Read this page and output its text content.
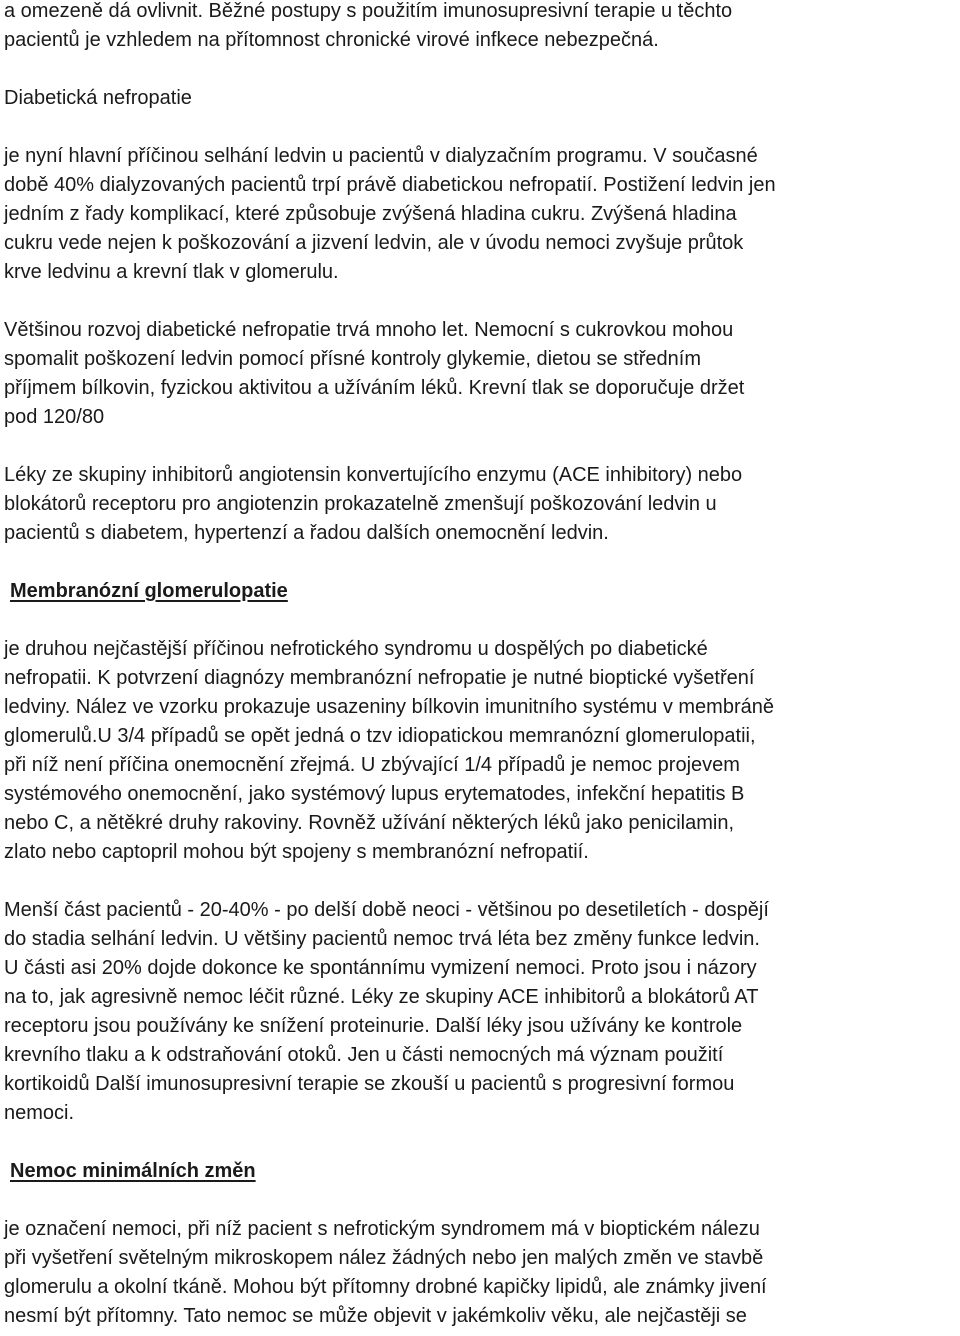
a omezeně dá ovlivnit. Běžné postupy s použitím imunosupresivní terapie u těchto
pacientů je vzhledem na přítomnost chronické virové infkece nebezpečná.

Diabetická nefropatie

je nyní hlavní příčinou selhání ledvin u pacientů v dialyzačním programu. V současné
době 40% dialyzovaných pacientů trpí právě diabetickou nefropatií. Postižení ledvin jen
jedním z řady komplikací, které způsobuje zvýšená hladina cukru. Zvýšená hladina
cukru vede nejen k poškozování a jizvení ledvin, ale v úvodu nemoci zvyšuje průtok
krve ledvinu a krevní tlak v glomerulu.

Většinou rozvoj diabetické nefropatie trvá mnoho let. Nemocní s cukrovkou mohou
spomalit poškození ledvin pomocí přísné kontroly glykemie, dietou se středním
příjmem bílkovin, fyzickou aktivitou a užíváním léků. Krevní tlak se doporučuje držet
pod 120/80

Léky ze skupiny inhibitorů angiotensin konvertujícího enzymu (ACE inhibitory) nebo
blokátorů receptoru pro angiotenzin prokazatelně zmenšují poškozování ledvin u
pacientů s diabetem, hypertenzí a řadou dalších onemocnění ledvin.

Membranózní glomerulopatie

je druhou nejčastější příčinou nefrotického syndromu u dospělých po diabetické
nefropatii. K potvrzení diagnózy membranózní nefropatie je nutné bioptické vyšetření
ledviny. Nález ve vzorku prokazuje usazeniny bílkovin imunitního systému v membráně
glomerulů.U 3/4 případů se opět jedná o tzv idiopatickou memranózní glomerulopatii,
při níž není příčina onemocnění zřejmá. U zbývající 1/4 případů je nemoc projevem
systémového onemocnění, jako systémový lupus erytematodes, infekční hepatitis B
nebo C, a nětěkré druhy rakoviny. Rovněž užívání některých léků jako penicilamin,
zlato nebo captopril mohou být spojeny s membranózní nefropatií.

Menší část pacientů - 20-40% - po delší době neoci - většinou po desetiletích - dospějí
do stadia selhání ledvin. U většiny pacientů nemoc trvá léta bez změny funkce ledvin.
U části asi 20% dojde dokonce ke spontánnímu vymizení nemoci. Proto jsou i názory
na to, jak agresivně nemoc léčit různé. Léky ze skupiny ACE inhibitorů a blokátorů AT
receptoru jsou používány ke snížení proteinurie. Další léky jsou užívány ke kontrole
krevního tlaku a k odstraňování otoků. Jen u části nemocných má význam použití
kortikoidů Další imunosupresivní terapie se zkouší u pacientů s progresivní formou
nemoci.

Nemoc minimálních změn

je označení nemoci, při níž pacient s nefrotickým syndromem má v bioptickém nálezu
při vyšetření světelným mikroskopem nález žádných nebo jen malých změn ve stavbě
glomerulu a okolní tkáně. Mohou být přítomny drobné kapičky lipidů, ale známky jivení
nesmí být přítomny. Tato nemoc se může objevit v jakémkoliv věku, ale nejčastěji se
